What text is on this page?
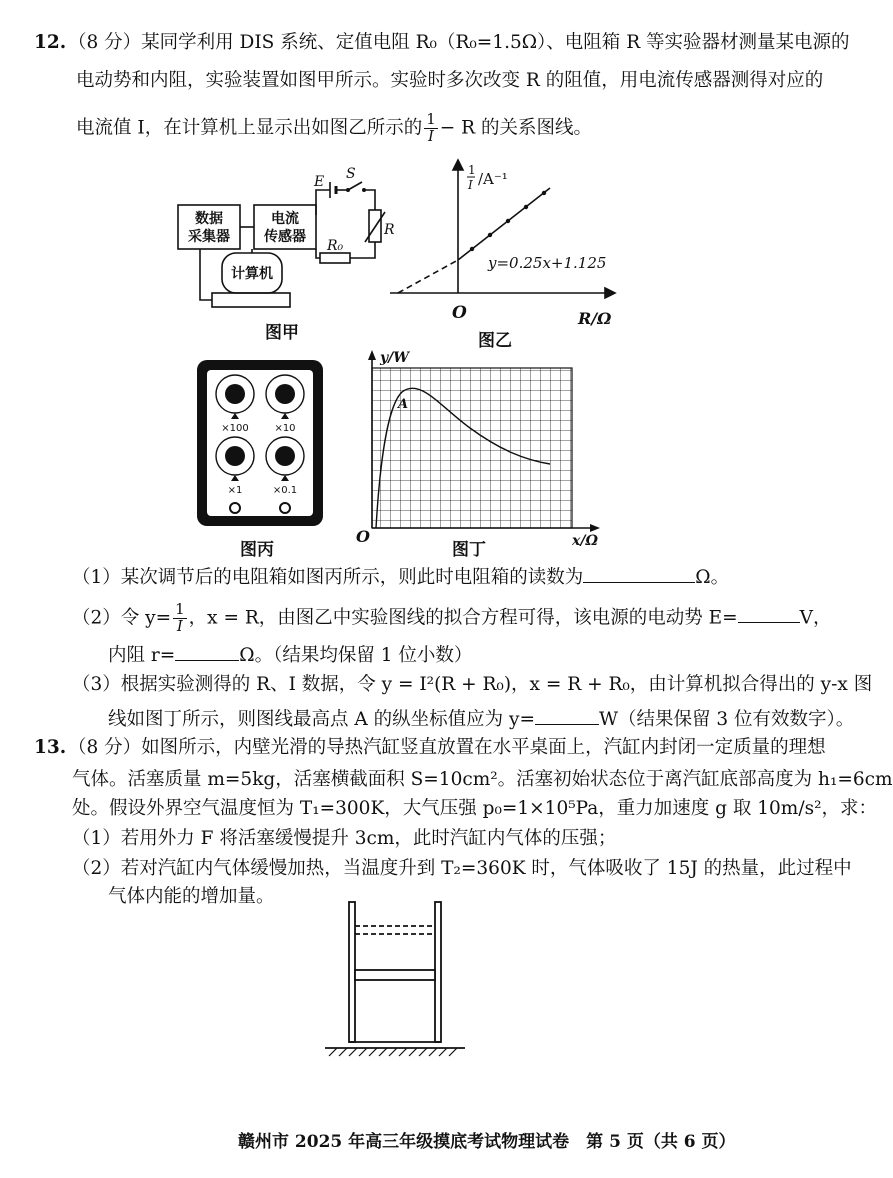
12. （8 分）某同学利用 DIS 系统、定值电阻 R₀（R₀=1.5Ω）、电阻箱 R 等实验器材测量某电源的
电动势和内阻，实验装置如图甲所示。实验时多次改变 R 的阻值，用电流传感器测得对应的
电流值 I，在计算机上显示出如图乙所示的 $\frac{1}{I} - R$ 的关系图线。
数据
采集器
电流
传感器
计算机
E S
R₀
R
图甲
1
I /A⁻¹
y=0.25x+1.125
O	R/Ω
图乙
×100	×10
×1	×0.1
图丙
y/W
A
O	x/Ω
图丁
（1）某次调节后的电阻箱如图丙所示，则此时电阻箱的读数为	Ω。
（2）令 $y= \frac{1}{I}$ ，x = R，由图乙中实验图线的拟合方程可得，该电源的电动势 E=	V，
内阻 r=	Ω。（结果均保留 1 位小数）
（3）根据实验测得的 R、I 数据，令 y = I²(R + R₀)，x = R + R₀，由计算机拟合得出的 y-x 图
线如图丁所示，则图线最高点 A 的纵坐标值应为 y=	W（结果保留 3 位有效数字）。
13. （8 分）如图所示，内壁光滑的导热汽缸竖直放置在水平桌面上，汽缸内封闭一定质量的理想
气体。活塞质量 m=5kg，活塞横截面积 S=10cm²。活塞初始状态位于离汽缸底部高度为 h₁=6cm
处。假设外界空气温度恒为 T₁=300K，大气压强 p₀=1×10⁵Pa，重力加速度 g 取 10m/s²，求：
（1）若用外力 F 将活塞缓慢提升 3cm，此时汽缸内气体的压强；
（2）若对汽缸内气体缓慢加热，当温度升到 T₂=360K 时，气体吸收了 15J 的热量，此过程中
气体内能的增加量。
赣州市 2025 年高三年级摸底考试物理试卷　第 5 页（共 6 页）
